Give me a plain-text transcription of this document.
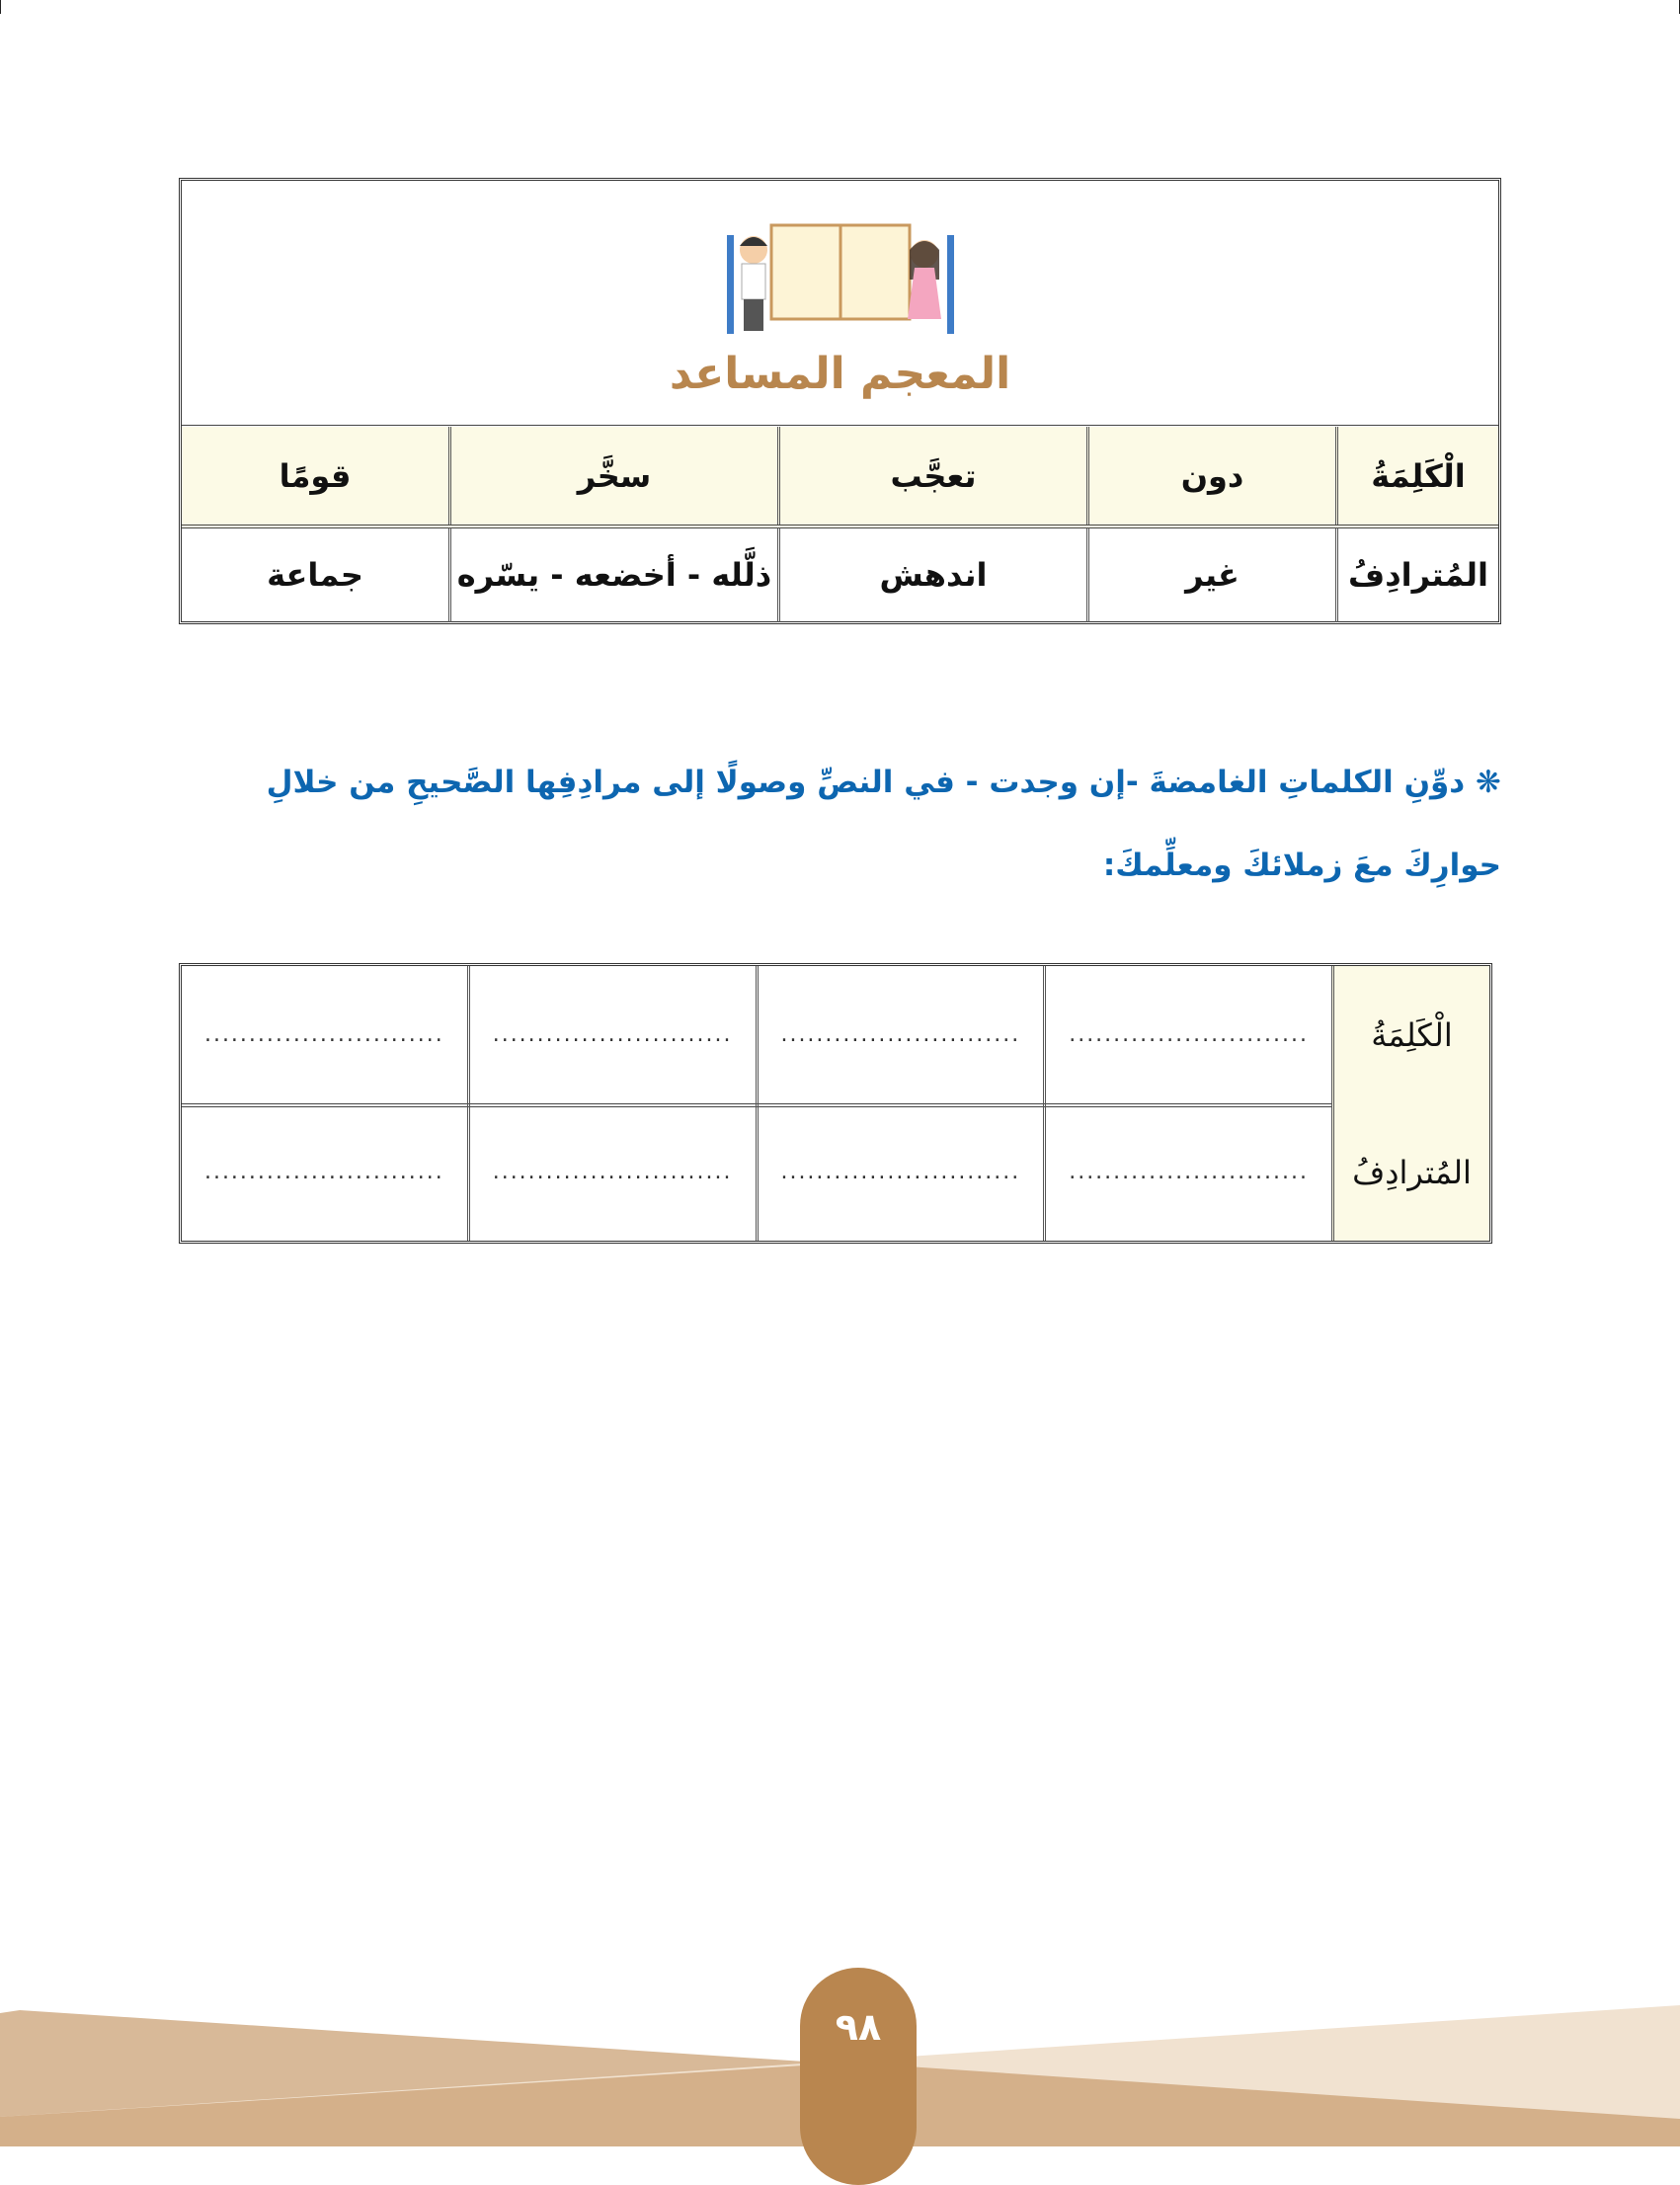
المعجم المساعد
الْكَلِمَةُ
دون
تعجَّب
سخَّر
قومًا
المُترادِفُ
غير
اندهش
ذلَّله - أخضعه - يسّره
جماعة
❋ دوِّنِ الكلماتِ الغامضةَ -إن وجدت - في النصِّ وصولًا إلى مرادِفِها الصَّحيحِ من خلالِ حوارِكَ معَ زملائكَ ومعلِّمكَ:
الْكَلِمَةُ
...........................
...........................
...........................
...........................
المُترادِفُ
...........................
...........................
...........................
...........................
٩٨
